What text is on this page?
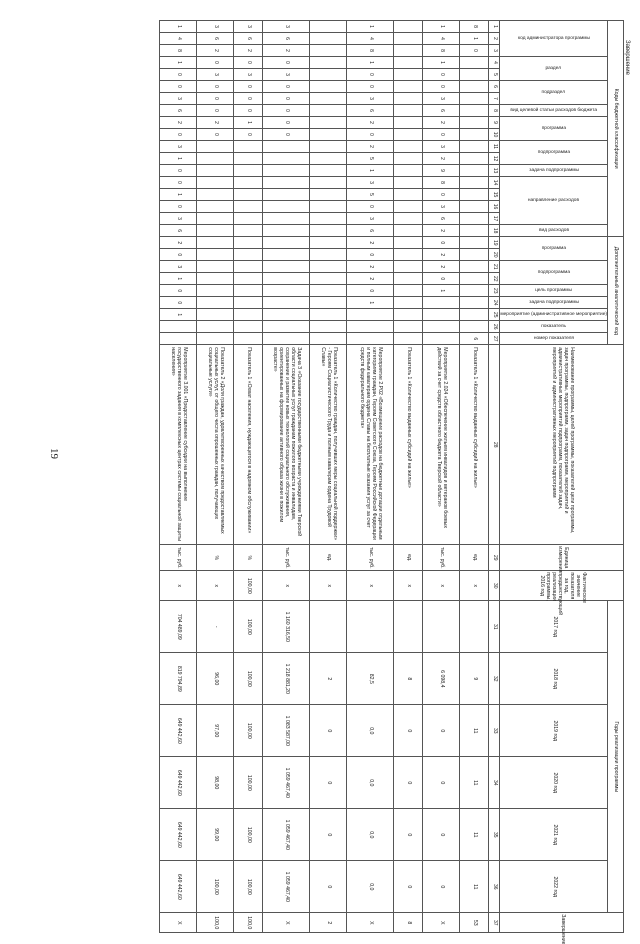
19
Коды бюджетной классификации																		Дополнительный аналитический код									Наименование программы, целей программы, показателей цели программы, задач программы, подпрограмм, задач подпрограмм, мероприятий и административных мероприятий подпрограмм, показателей задач, мероприятий и административных мероприятий подпрограмм	Единица измерения	Фактическое значение показателя за год, предшествующий реализации программы, 2016 год	Годы реализации программы						Завершение

код администратора программы			раздел		подраздел		вид целевой статьи расходов бюджета	программа		подпрограмма		задача подпрограммы	направление расходов				вид расходов	программа		подпрограмма		цель программы	задача подпрограммы	мероприятие (административное мероприятие)	показатель	номер показателя				2017 год	2018 год	2019 год	2020 год	2021 год	2022 год	
1	2	3	4	5	6	7	8	9	10	11	12	13	14	15	16	17	18	19	20	21	22	23	24	25	26	27	28	29	30	31	32	33	34	35	36	37
8	1	0																								6	Показатель 1 «Количество выданных субсидий на жилье»	ед.	х		9	11	11	11	11	53
1	4	8	1	0	0	3	6	2	0	3	2	9	8	0	3	6	2	0	2	2	0	1					Мероприятие 2.024 «Обеспечение жильем инвалидов и ветеранов боевых действий за счет средств областного бюджета Тверской области»	тыс. руб.	х		6 098,4	0	0	0	0	Х
																											Показатель 1 «Количество выданных субсидий на жилье»	ед.	х		8	0	0	0	0	8
1	4	8	1	0	0	3	6	2	0	2	5	1	3	5	0	3	6	2	0	2	2	0	1				Мероприятие 2.Р02 «Возмещение расходов на бюджетные дотации отдельным категориям граждан, Героям Советского Союза, Героям Российской Федерации и полным кавалерам ордена Славы на бесплатные оказания услуг за счет средств федерального бюджета»	тыс. руб.	х		82,5	0,0	0,0	0,0	0,0	Х
																											Показатель 1 «Количество граждан, получивших меры социальной поддержки» - Героям Социалистического Труда и полным кавалерам ордена Трудовой Славы»	ед.	х		2	0	0	0	0	2
3	6	2	0	3	0	0	0	0	0																		Задача 3 «Оказание государственными бюджетными учреждениями Тверской области социальных услуг гражданам пожилого возраста и инвалидам, сохранение и развитие новых технологий социального обслуживания, ориентированных на формирование активного образа жизни в пожилом возрасте»	тыс. руб.	х	1 160 316,50	1 218 881,20	1 083 587,00	1 059 467,40	1 059 467,40	1 059 467,40	Х
3	6	2	0	3	0	0	0	1	0																		Показатель 1 «Охват населения, нуждающегося в надомном обслуживании»	%	100,00	100,00	100,00	100,00	100,00	100,00	100,00	100,0
3	6	2	0	3	0	0	0	2	0																		Показатель 2 «Доля граждан, удовлетворенных качеством предоставляемых социальных услуг, от общего числа опрошенных граждан, получающих социальные услуги»	%	х	-	96,00	97,00	98,00	99,00	100,00	100,0
1	4	8	1	0	0	3	6	2	0	3	1	0	0	1	0	3	6	2	0	3	1	0	0	1			Мероприятие 3.001 «Предоставление субсидии на выполнение государственного задания в комплексных центрах системы социальной защиты населения»	тыс. руб.	х	704 489,09	819 794,89	649 442,60	649 442,60	649 442,60	649 442,60	Х
Завершение
